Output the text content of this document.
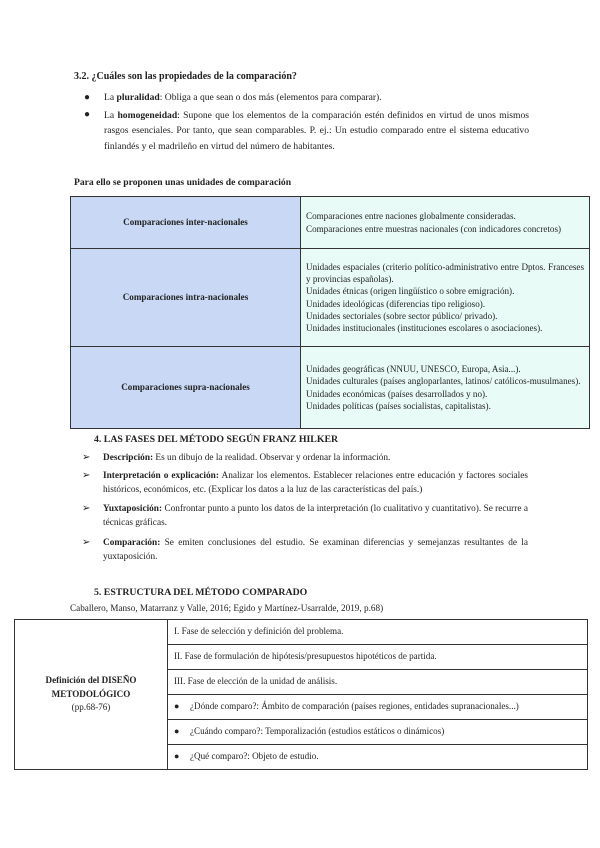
3.2. ¿Cuáles son las propiedades de la comparación?
● La pluralidad: Obliga a que sean o dos más (elementos para comparar).
● La homogeneidad: Supone que los elementos de la comparación estén definidos en virtud de unos mismos rasgos esenciales. Por tanto, que sean comparables. P. ej.: Un estudio comparado entre el sistema educativo finlandés y el madrileño en virtud del número de habitantes.
Para ello se proponen unas unidades de comparación
Comparaciones inter-nacionales	Comparaciones entre naciones globalmente consideradas.
Comparaciones entre muestras nacionales (con indicadores concretos)

Comparaciones intra-nacionales	Unidades espaciales (criterio político-administrativo entre Dptos. Franceses y provincias españolas).
Unidades étnicas (origen lingüístico o sobre emigración).
Unidades ideológicas (diferencias tipo religioso).
Unidades sectoriales (sobre sector público/ privado).
Unidades institucionales (instituciones escolares o asociaciones).

Comparaciones supra-nacionales	Unidades geográficas (NNUU, UNESCO, Europa, Asia...).
Unidades culturales (países angloparlantes, latinos/ católicos-musulmanes).
Unidades económicas (países desarrollados y no).
Unidades políticas (países socialistas, capitalistas).
4. LAS FASES DEL MÉTODO SEGÚN FRANZ HILKER
➢ Descripción: Es un dibujo de la realidad. Observar y ordenar la información.
➢ Interpretación o explicación: Analizar los elementos. Establecer relaciones entre educación y factores sociales históricos, económicos, etc. (Explicar los datos a la luz de las características del país.)
➢ Yuxtaposición: Confrontar punto a punto los datos de la interpretación (lo cualitativo y cuantitativo). Se recurre a técnicas gráficas.
➢ Comparación: Se emiten conclusiones del estudio. Se examinan diferencias y semejanzas resultantes de la yuxtaposición.
5. ESTRUCTURA DEL MÉTODO COMPARADO
Caballero, Manso, Matarranz y Valle, 2016; Egido y Martínez-Usarralde, 2019, p.68)
Definición del DISEÑO
METODOLÓGICO
(pp.68-76)	I. Fase de selección y definición del problema.
II. Fase de formulación de hipótesis/presupuestos hipotéticos de partida.
III. Fase de elección de la unidad de análisis.
● ¿Dónde comparo?: Ámbito de comparación (países regiones, entidades supranacionales...)
● ¿Cuándo comparo?: Temporalización (estudios estáticos o dinámicos)
● ¿Qué comparo?: Objeto de estudio.
